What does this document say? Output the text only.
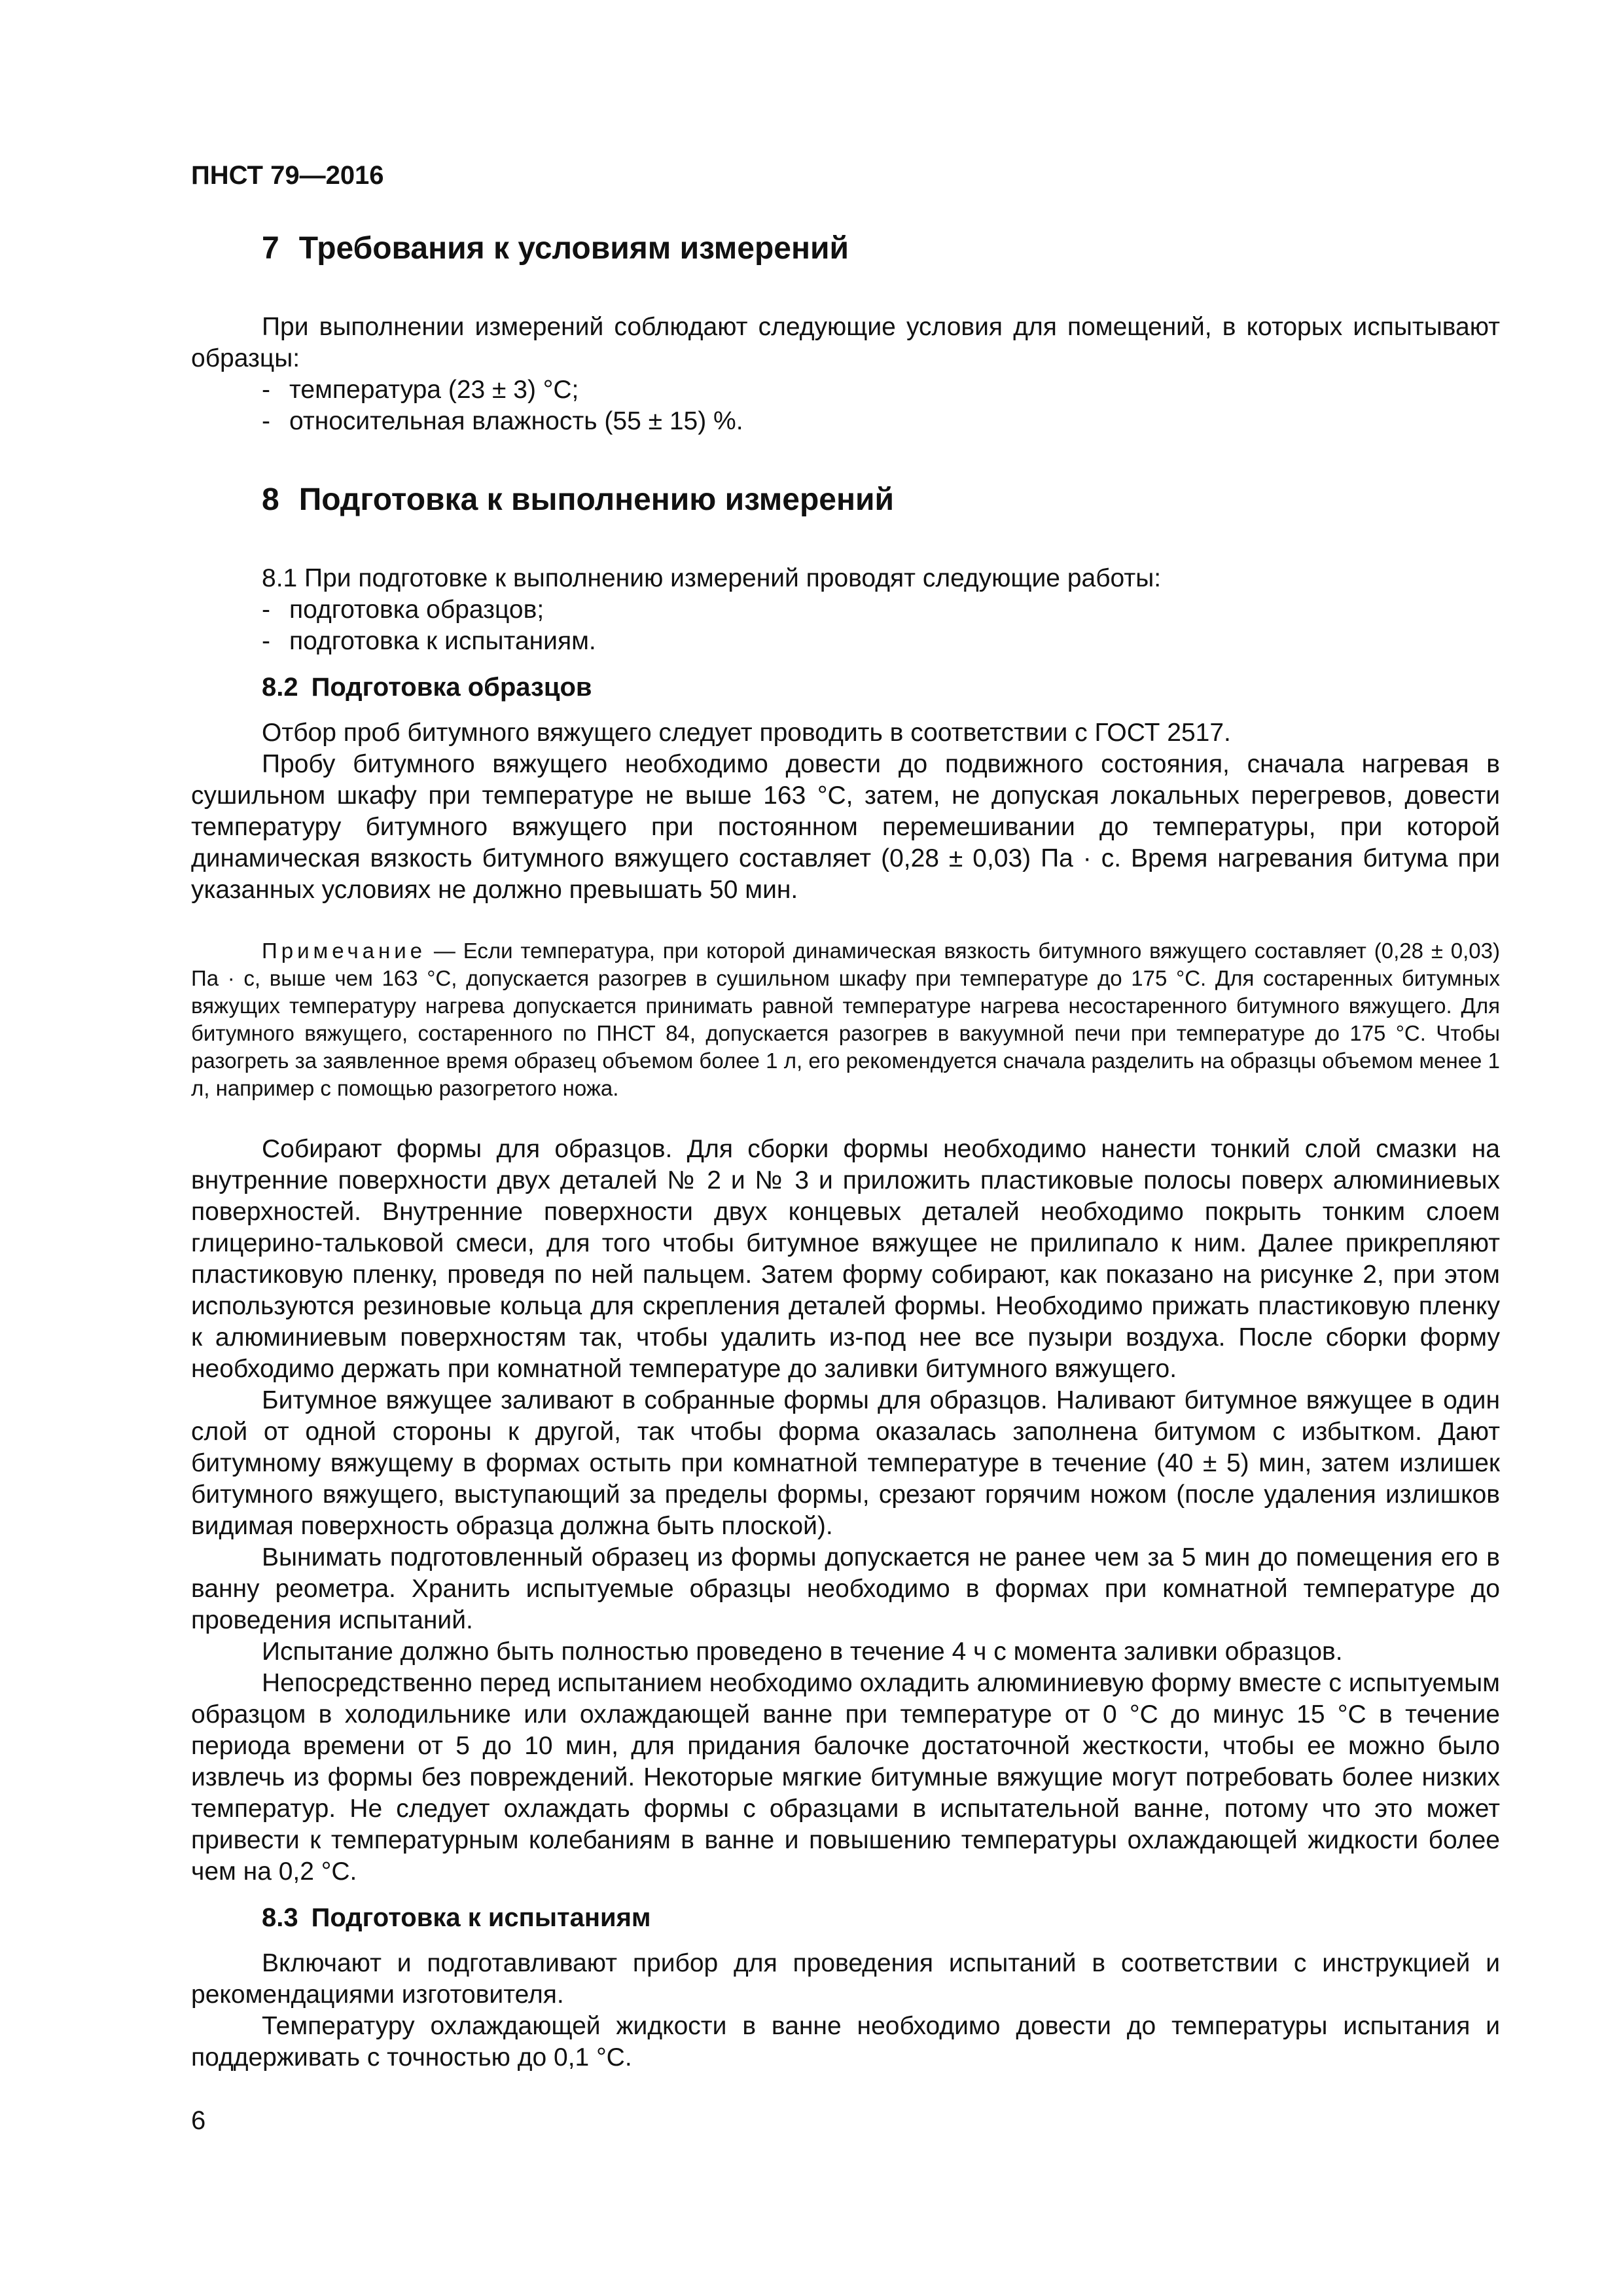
ПНСТ 79—2016
7 Требования к условиям измерений

При выполнении измерений соблюдают следующие условия для помещений, в которых испытывают образцы:

- температура (23 ± 3) °С;
- относительная влажность (55 ± 15) %.
8 Подготовка к выполнению измерений

8.1 При подготовке к выполнению измерений проводят следующие работы:

- подготовка образцов;
- подготовка к испытаниям.
8.2 Подготовка образцов

Отбор проб битумного вяжущего следует проводить в соответствии с ГОСТ 2517.

Пробу битумного вяжущего необходимо довести до подвижного состояния, сначала нагревая в сушильном шкафу при температуре не выше 163 °С, затем, не допуская локальных перегревов, довести температуру битумного вяжущего при постоянном перемешивании до температуры, при которой динамическая вязкость битумного вяжущего составляет (0,28 ± 0,03) Па · с. Время нагревания битума при указанных условиях не должно превышать 50 мин.

Примечание — Если температура, при которой динамическая вязкость битумного вяжущего составляет (0,28 ± 0,03) Па · с, выше чем 163 °С, допускается разогрев в сушильном шкафу при температуре до 175 °С. Для состаренных битумных вяжущих температуру нагрева допускается принимать равной температуре нагрева несостаренного битумного вяжущего. Для битумного вяжущего, состаренного по ПНСТ 84, допускается разогрев в вакуумной печи при температуре до 175 °С. Чтобы разогреть за заявленное время образец объемом более 1 л, его рекомендуется сначала разделить на образцы объемом менее 1 л, например с помощью разогретого ножа.

Собирают формы для образцов. Для сборки формы необходимо нанести тонкий слой смазки на внутренние поверхности двух деталей № 2 и № 3 и приложить пластиковые полосы поверх алюминиевых поверхностей. Внутренние поверхности двух концевых деталей необходимо покрыть тонким слоем глицерино-тальковой смеси, для того чтобы битумное вяжущее не прилипало к ним. Далее прикрепляют пластиковую пленку, проведя по ней пальцем. Затем форму собирают, как показано на рисунке 2, при этом используются резиновые кольца для скрепления деталей формы. Необходимо прижать пластиковую пленку к алюминиевым поверхностям так, чтобы удалить из-под нее все пузыри воздуха. После сборки форму необходимо держать при комнатной температуре до заливки битумного вяжущего.

Битумное вяжущее заливают в собранные формы для образцов. Наливают битумное вяжущее в один слой от одной стороны к другой, так чтобы форма оказалась заполнена битумом с избытком. Дают битумному вяжущему в формах остыть при комнатной температуре в течение (40 ± 5) мин, затем излишек битумного вяжущего, выступающий за пределы формы, срезают горячим ножом (после удаления излишков видимая поверхность образца должна быть плоской).

Вынимать подготовленный образец из формы допускается не ранее чем за 5 мин до помещения его в ванну реометра. Хранить испытуемые образцы необходимо в формах при комнатной температуре до проведения испытаний.

Испытание должно быть полностью проведено в течение 4 ч с момента заливки образцов.

Непосредственно перед испытанием необходимо охладить алюминиевую форму вместе с испытуемым образцом в холодильнике или охлаждающей ванне при температуре от 0 °С до минус 15 °С в течение периода времени от 5 до 10 мин, для придания балочке достаточной жесткости, чтобы ее можно было извлечь из формы без повреждений. Некоторые мягкие битумные вяжущие могут потребовать более низких температур. Не следует охлаждать формы с образцами в испытательной ванне, потому что это может привести к температурным колебаниям в ванне и повышению температуры охлаждающей жидкости более чем на 0,2 °С.

8.3 Подготовка к испытаниям

Включают и подготавливают прибор для проведения испытаний в соответствии с инструкцией и рекомендациями изготовителя.

Температуру охлаждающей жидкости в ванне необходимо довести до температуры испытания и поддерживать с точностью до 0,1 °С.

6
